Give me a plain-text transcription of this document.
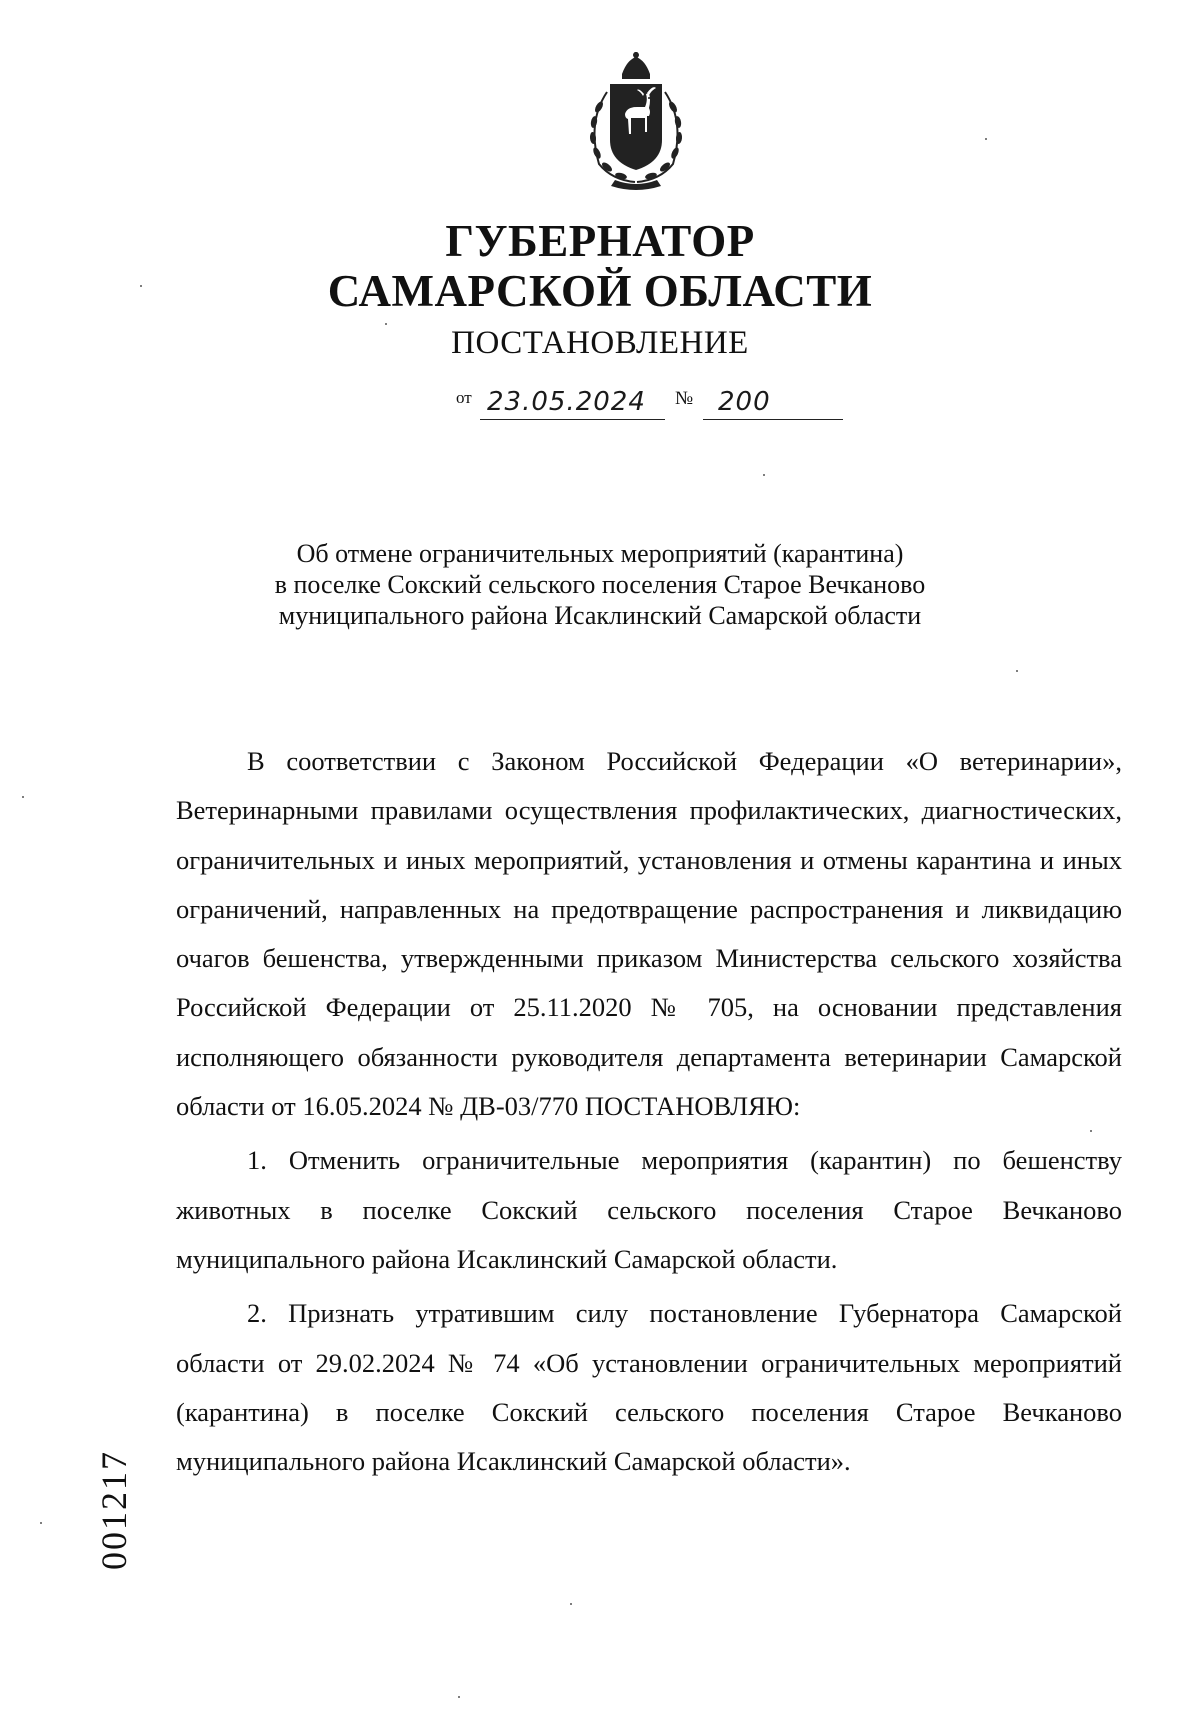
ГУБЕРНАТОР
САМАРСКОЙ ОБЛАСТИ
ПОСТАНОВЛЕНИЕ
от 23.05.2024 № 200
Об отмене ограничительных мероприятий (карантина)
в поселке Сокский сельского поселения Старое Вечканово
муниципального района Исаклинский Самарской области

В соответствии с Законом Российской Федерации «О ветеринарии», Ветеринарными правилами осуществления профилактических, диагностических, ограничительных и иных мероприятий, установления и отмены карантина и иных ограничений, направленных на предотвращение распространения и ликвидацию очагов бешенства, утвержденными приказом Министерства сельского хозяйства Российской Федерации от 25.11.2020 № 705, на основании представления исполняющего обязанности руководителя департамента ветеринарии Самарской области от 16.05.2024 № ДВ-03/770 ПОСТАНОВЛЯЮ:

1. Отменить ограничительные мероприятия (карантин) по бешенству животных в поселке Сокский сельского поселения Старое Вечканово муниципального района Исаклинский Самарской области.

2. Признать утратившим силу постановление Губернатора Самарской области от 29.02.2024 № 74 «Об установлении ограничительных мероприятий (карантина) в поселке Сокский сельского поселения Старое Вечканово муниципального района Исаклинский Самарской области».

001217
